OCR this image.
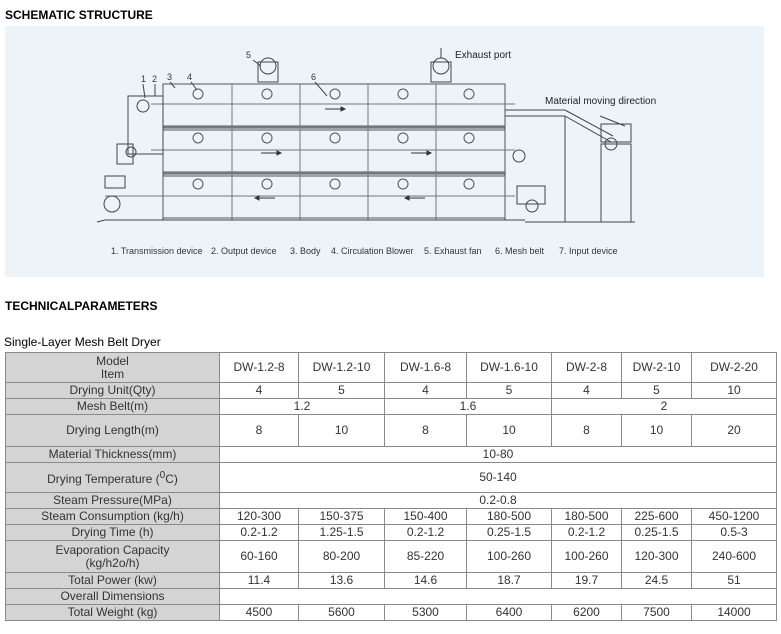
SCHEMATIC STRUCTURE
1 2 3 4
5
6
Exhaust port
Material moving direction
1. Transmission device 2. Output device 3. Body 4. Circulation Blower 5. Exhaust fan 6. Mesh belt 7. Input device
TECHNICALPARAMETERS
Single-Layer Mesh Belt Dryer
Model
Item	DW-1.2-8	DW-1.2-10	DW-1.6-8	DW-1.6-10	DW-2-8	DW-2-10	DW-2-20
Drying Unit(Qty)	4	5	4	5	4	5	10
Mesh Belt(m)	1.2		1.6		2		
Drying Length(m)	8	10	8	10	8	10	20
Material Thickness(mm)	10-80						
Drying Temperature ($^0$C)	50-140						
Steam Pressure(MPa)	0.2-0.8						
Steam Consumption (kg/h)	120-300	150-375	150-400	180-500	180-500	225-600	450-1200
Drying Time (h)	0.2-1.2	1.25-1.5	0.2-1.2	0.25-1.5	0.2-1.2	0.25-1.5	0.5-3

Evaporation Capacity
(kg/h2o/h)	60-160	80-200	85-220	100-260	100-260	120-300	240-600
Total Power (kw)	11.4	13.6	14.6	18.7	19.7	24.5	51
Overall Dimensions							
Total Weight (kg)	4500	5600	5300	6400	6200	7500	14000
